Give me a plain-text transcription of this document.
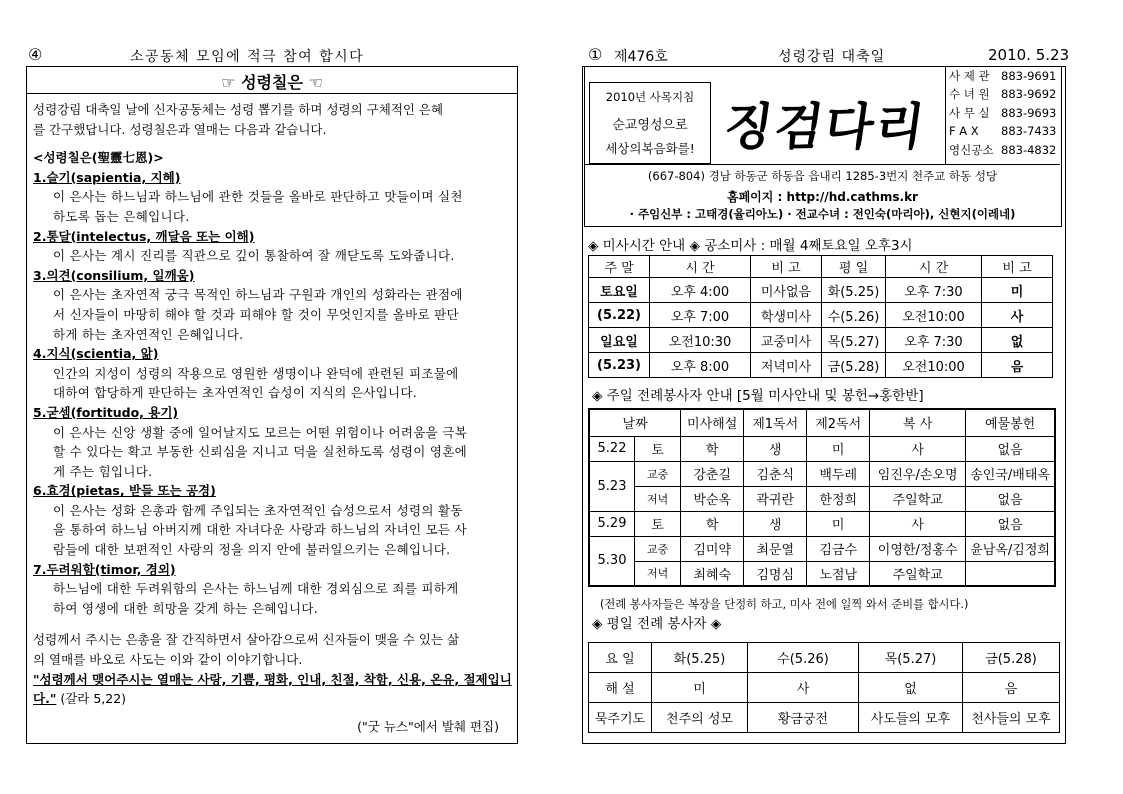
④	소공동체 모임에 적극 참여 합시다
☞ 성령칠은 ☜
성령강림 대축일 날에 신자공동체는 성령 뽑기를 하며 성령의 구체적인 은혜
를 간구했답니다. 성령칠은과 열매는 다음과 같습니다.
<성령칠은(聖靈七恩)>
1.슬기(sapientia, 지혜)
이 은사는 하느님과 하느님에 관한 것들을 올바로 판단하고 맛들이며 실천
하도록 돕는 은혜입니다.
2.통달(intelectus, 깨달음 또는 이해)
이 은사는 계시 진리를 직관으로 깊이 통찰하여 잘 깨닫도록 도와줍니다.
3.의견(consilium, 일깨움)
이 은사는 초자연적 궁극 목적인 하느님과 구원과 개인의 성화라는 관점에
서 신자들이 마땅히 해야 할 것과 피해야 할 것이 무엇인지를 올바로 판단
하게 하는 초자연적인 은혜입니다.
4.지식(scientia, 앎)
인간의 지성이 성령의 작용으로 영원한 생명이나 완덕에 관련된 피조물에
대하여 합당하게 판단하는 초자연적인 습성이 지식의 은사입니다.
5.굳셈(fortitudo, 용기)
이 은사는 신앙 생활 중에 일어날지도 모르는 어떤 위험이나 어려움을 극복
할 수 있다는 확고 부동한 신뢰심을 지니고 덕을 실천하도록 성령이 영혼에
게 주는 힘입니다.
6.효경(pietas, 받들 또는 공경)
이 은사는 성화 은총과 함께 주입되는 초자연적인 습성으로서 성령의 활동
을 통하여 하느님 아버지께 대한 자녀다운 사랑과 하느님의 자녀인 모든 사
람들에 대한 보편적인 사랑의 정을 의지 안에 불러일으키는 은혜입니다.
7.두려워함(timor, 경외)
하느님에 대한 두려워함의 은사는 하느님께 대한 경외심으로 죄를 피하게
하여 영생에 대한 희망을 갖게 하는 은혜입니다.
성령께서 주시는 은총을 잘 간직하면서 살아감으로써 신자들이 맺을 수 있는 삶
의 열매를 바오로 사도는 이와 같이 이야기합니다.
"성령께서 맺어주시는 열매는 사랑, 기쁨, 평화, 인내, 친절, 착함, 신용, 온유, 절제입니다." (갈라 5,22)
("굿 뉴스"에서 발췌 편집)
① 제476호	성령강림 대축일	2010. 5.23
2010년 사목지침
순교영성으로
세상의복음화를! 징검다리
사 제 관 883-9691
수 녀 원 883-9692
사 무 실 883-9693
F A X 883-7433
영신공소 883-4832
(667-804) 경남 하동군 하동읍 읍내리 1285-3번지 천주교 하동 성당
홈페이지 : http://hd.cathms.kr
· 주임신부 : 고태경(율리아노) · 전교수녀 : 전인숙(마리아), 신현지(이레네)
◈ 미사시간 안내 ◈ 공소미사 : 매월 4째토요일 오후3시
주 말	시 간	비 고	평 일	시 간	비 고
토요일	오후 4:00	미사없음	화(5.25)	오후 7:30	미
(5.22)	오후 7:00	학생미사	수(5.26)	오전10:00	사
일요일	오전10:30	교중미사	목(5.27)	오후 7:30	없
(5.23)	오후 8:00	저녁미사	금(5.28)	오전10:00	음
◈ 주일 전례봉사자 안내 [5월 미사안내 및 봉헌→홍한반]
날짜		미사해설	제1독서	제2독서	복 사	예물봉헌
5.22	토	학	생	미	사	없음
5.23	교중	강춘길	김춘식	백두레	임진우/손오명	송인국/배태옥
	저녁	박순옥	곽귀란	한정희	주일학교	없음
5.29	토	학	생	미	사	없음
5.30	교중	김미약	최문열	김금수	이영한/정홍수	윤남옥/김정희
	저녁	최혜숙	김명심	노점남	주일학교	
(전례 봉사자들은 복장을 단정히 하고, 미사 전에 일찍 와서 준비를 합시다.)
◈ 평일 전례 봉사자 ◈
요 일	화(5.25)	수(5.26)	목(5.27)	금(5.28)
해 설	미	사	없	음
묵주기도	천주의 성모	황금궁전	사도들의 모후	천사들의 모후
